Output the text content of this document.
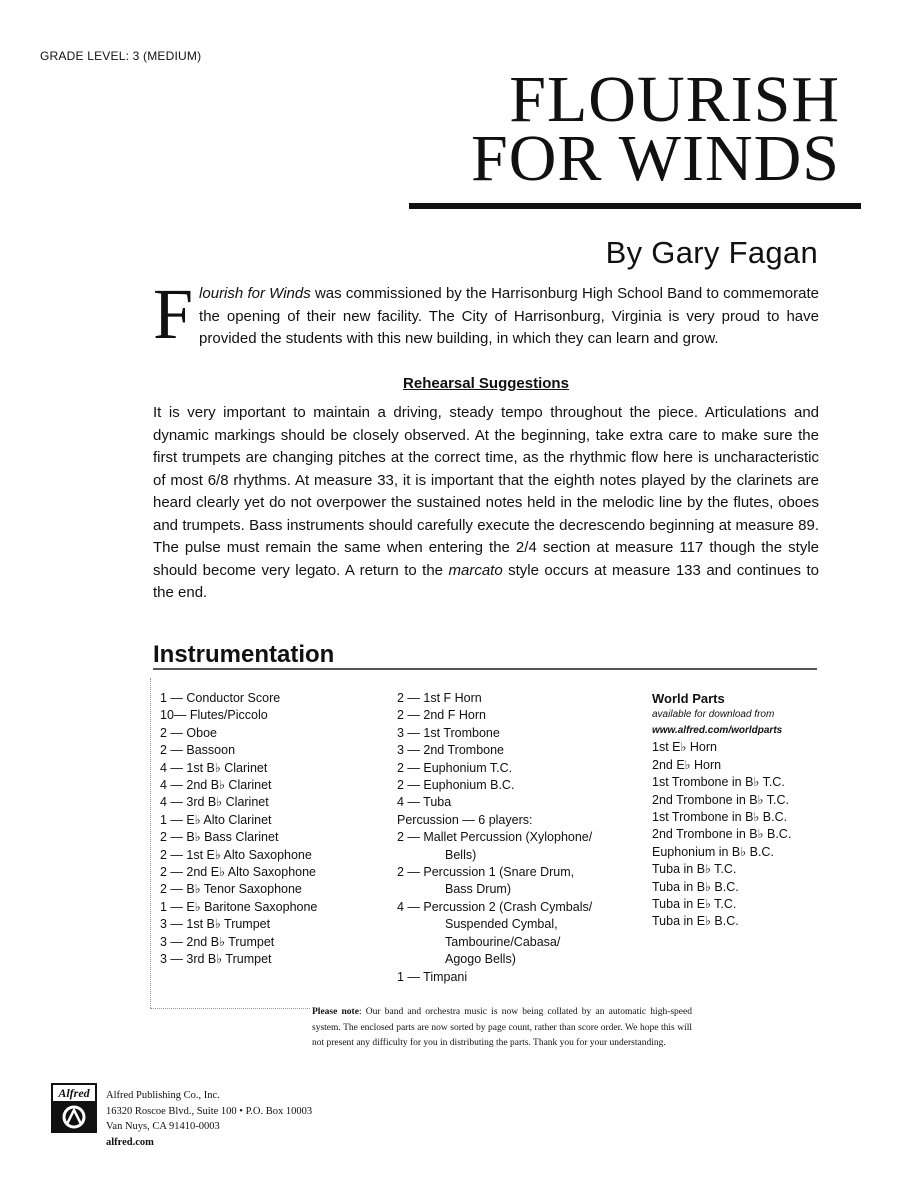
GRADE LEVEL: 3 (MEDIUM)
FLOURISH
FOR WINDS
By Gary Fagan
Flourish for Winds was commissioned by the Harrisonburg High School Band to commemorate the opening of their new facility. The City of Harrisonburg, Virginia is very proud to have provided the students with this new building, in which they can learn and grow.
Rehearsal Suggestions
It is very important to maintain a driving, steady tempo throughout the piece. Articulations and dynamic markings should be closely observed. At the beginning, take extra care to make sure the first trumpets are changing pitches at the correct time, as the rhythmic flow here is uncharacteristic of most 6/8 rhythms. At measure 33, it is important that the eighth notes played by the clarinets are heard clearly yet do not overpower the sustained notes held in the melodic line by the flutes, oboes and trumpets. Bass instruments should carefully execute the decrescendo beginning at measure 89. The pulse must remain the same when entering the 2/4 section at measure 117 though the style should become very legato. A return to the marcato style occurs at measure 133 and continues to the end.
Instrumentation
1 — Conductor Score
10— Flutes/Piccolo
2 — Oboe
2 — Bassoon
4 — 1st B♭ Clarinet
4 — 2nd B♭ Clarinet
4 — 3rd B♭ Clarinet
1 — E♭ Alto Clarinet
2 — B♭ Bass Clarinet
2 — 1st E♭ Alto Saxophone
2 — 2nd E♭ Alto Saxophone
2 — B♭ Tenor Saxophone
1 — E♭ Baritone Saxophone
3 — 1st B♭ Trumpet
3 — 2nd B♭ Trumpet
3 — 3rd B♭ Trumpet
2 — 1st F Horn
2 — 2nd F Horn
3 — 1st Trombone
3 — 2nd Trombone
2 — Euphonium T.C.
2 — Euphonium B.C.
4 — Tuba
Percussion — 6 players:
2 — Mallet Percussion (Xylophone/
Bells)
2 — Percussion 1 (Snare Drum,
Bass Drum)
4 — Percussion 2 (Crash Cymbals/
Suspended Cymbal,
Tambourine/Cabasa/
Agogo Bells)
1 — Timpani
World Parts
available for download from
www.alfred.com/worldparts
1st E♭ Horn
2nd E♭ Horn
1st Trombone in B♭ T.C.
2nd Trombone in B♭ T.C.
1st Trombone in B♭ B.C.
2nd Trombone in B♭ B.C.
Euphonium in B♭ B.C.
Tuba in B♭ T.C.
Tuba in B♭ B.C.
Tuba in E♭ T.C.
Tuba in E♭ B.C.
Please note: Our band and orchestra music is now being collated by an automatic high-speed system. The enclosed parts are now sorted by page count, rather than score order. We hope this will not present any difficulty for you in distributing the parts. Thank you for your understanding.
Alfred	Alfred Publishing Co., Inc.
16320 Roscoe Blvd., Suite 100 • P.O. Box 10003
Van Nuys, CA 91410-0003
alfred.com
